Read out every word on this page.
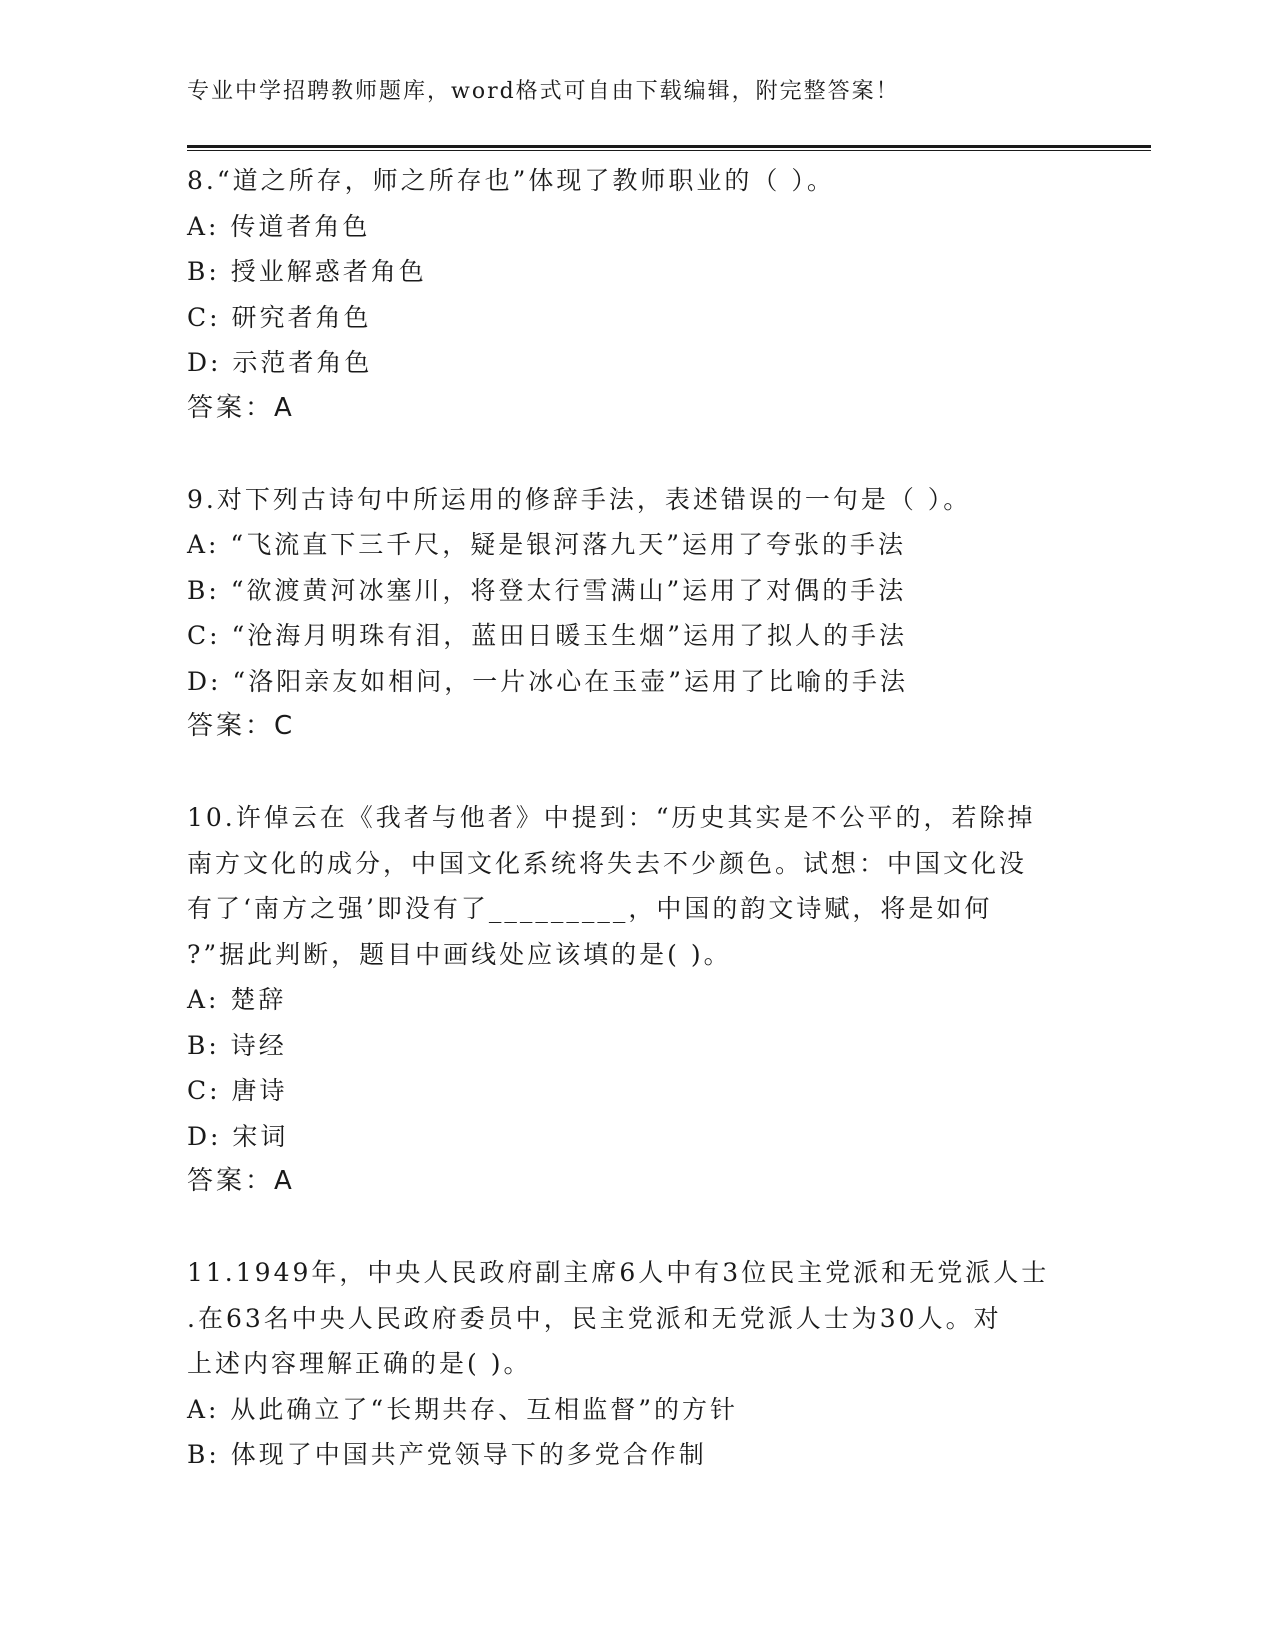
专业中学招聘教师题库，word格式可自由下载编辑，附完整答案！
8.“道之所存，师之所存也”体现了教师职业的（ ）。
A: 传道者角色
B: 授业解惑者角色
C: 研究者角色
D: 示范者角色
答案：A
9.对下列古诗句中所运用的修辞手法，表述错误的一句是（ ）。
A: “飞流直下三千尺，疑是银河落九天”运用了夸张的手法
B: “欲渡黄河冰塞川，将登太行雪满山”运用了对偶的手法
C: “沧海月明珠有泪，蓝田日暖玉生烟”运用了拟人的手法
D: “洛阳亲友如相问，一片冰心在玉壶”运用了比喻的手法
答案：C
10.许倬云在《我者与他者》中提到：“历史其实是不公平的，若除掉
南方文化的成分，中国文化系统将失去不少颜色。试想：中国文化没
有了‘南方之强’即没有了_________，中国的韵文诗赋，将是如何
?”据此判断，题目中画线处应该填的是( )。
A: 楚辞
B: 诗经
C: 唐诗
D: 宋词
答案：A
11.1949年，中央人民政府副主席6人中有3位民主党派和无党派人士
.在63名中央人民政府委员中，民主党派和无党派人士为30人。对
上述内容理解正确的是( )。
A: 从此确立了“长期共存、互相监督”的方针
B: 体现了中国共产党领导下的多党合作制
